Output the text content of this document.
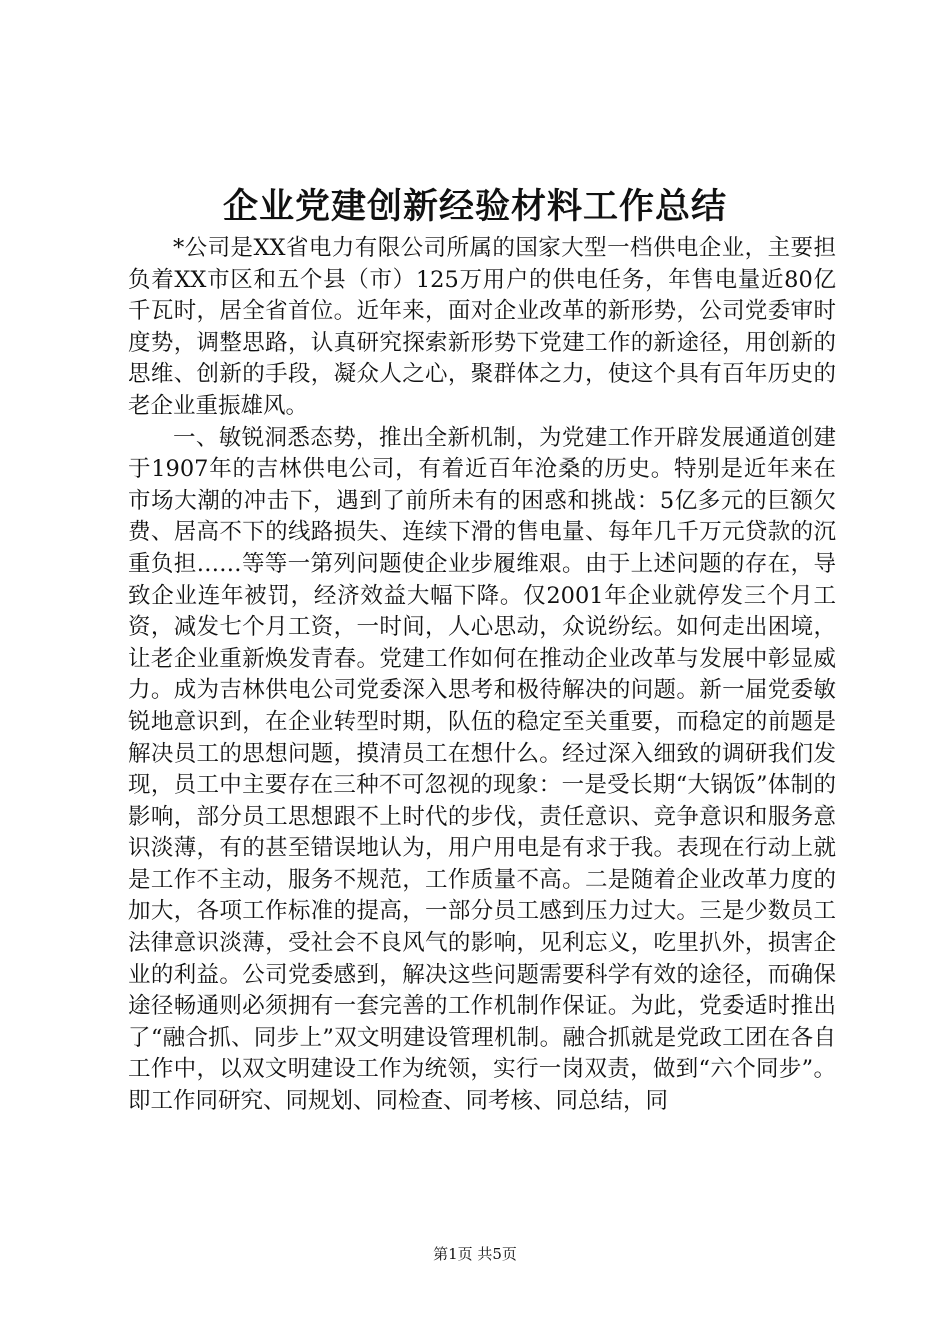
企业党建创新经验材料工作总结

*公司是XX省电力有限公司所属的国家大型一档供电企业，主要担负着XX市区和五个县（市）125万用户的供电任务，年售电量近80亿千瓦时，居全省首位。近年来，面对企业改革的新形势，公司党委审时度势，调整思路，认真研究探索新形势下党建工作的新途径，用创新的思维、创新的手段，凝众人之心，聚群体之力，使这个具有百年历史的老企业重振雄风。

一、敏锐洞悉态势，推出全新机制，为党建工作开辟发展通道创建于1907年的吉林供电公司，有着近百年沧桑的历史。特别是近年来在市场大潮的冲击下，遇到了前所未有的困惑和挑战：5亿多元的巨额欠费、居高不下的线路损失、连续下滑的售电量、每年几千万元贷款的沉重负担……等等一第列问题使企业步履维艰。由于上述问题的存在，导致企业连年被罚，经济效益大幅下降。仅2001年企业就停发三个月工资，减发七个月工资，一时间，人心思动，众说纷纭。如何走出困境，让老企业重新焕发青春。党建工作如何在推动企业改革与发展中彰显威力。成为吉林供电公司党委深入思考和极待解决的问题。新一届党委敏锐地意识到，在企业转型时期，队伍的稳定至关重要，而稳定的前题是解决员工的思想问题，摸清员工在想什么。经过深入细致的调研我们发现，员工中主要存在三种不可忽视的现象：一是受长期“大锅饭”体制的影响，部分员工思想跟不上时代的步伐，责任意识、竞争意识和服务意识淡薄，有的甚至错误地认为，用户用电是有求于我。表现在行动上就是工作不主动，服务不规范，工作质量不高。二是随着企业改革力度的加大，各项工作标准的提高，一部分员工感到压力过大。三是少数员工法律意识淡薄，受社会不良风气的影响，见利忘义，吃里扒外，损害企业的利益。公司党委感到，解决这些问题需要科学有效的途径，而确保途径畅通则必须拥有一套完善的工作机制作保证。为此，党委适时推出了“融合抓、同步上”双文明建设管理机制。融合抓就是党政工团在各自工作中，以双文明建设工作为统领，实行一岗双责，做到“六个同步”。即工作同研究、同规划、同检查、同考核、同总结，同

第1页 共5页
